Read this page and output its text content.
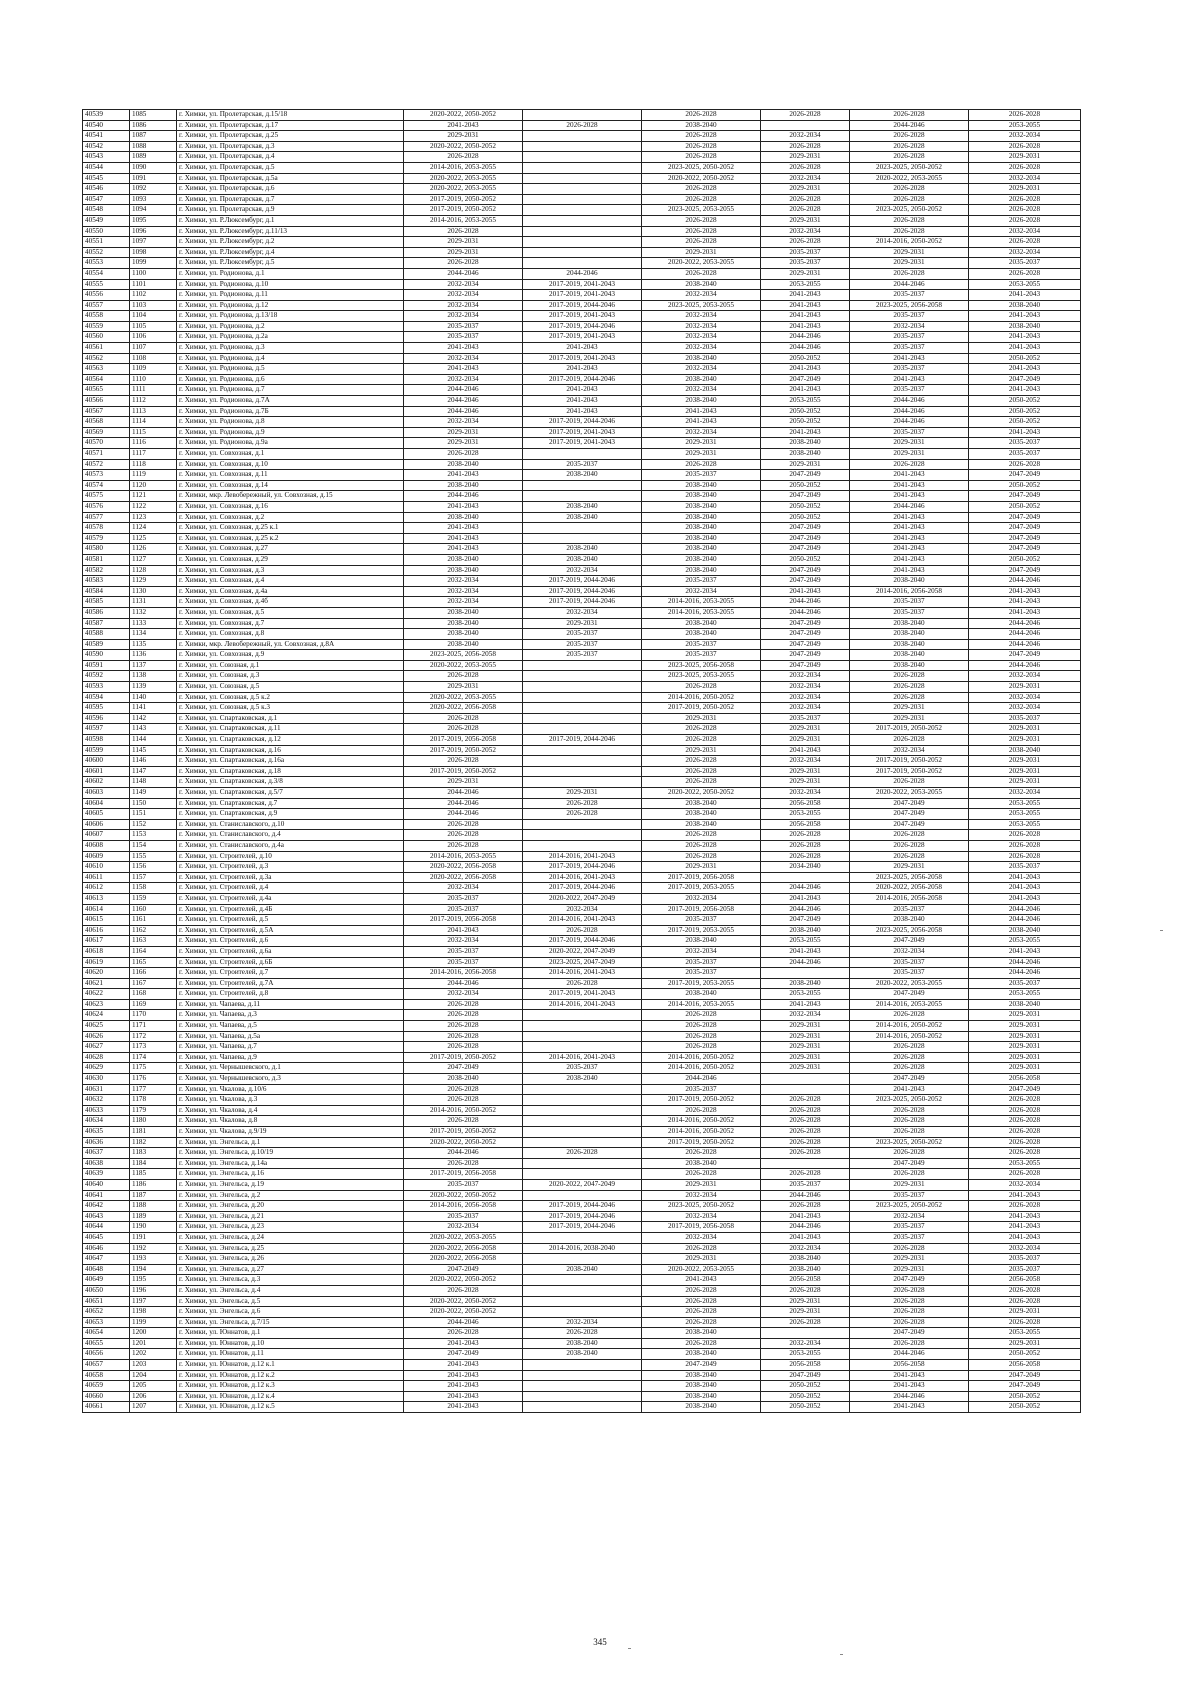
40539	1085	г. Химки, ул. Пролетарская, д.15/18	2020-2022, 2050-2052		2026-2028	2026-2028	2026-2028	2026-2028
40540	1086	г. Химки, ул. Пролетарская, д.17	2041-2043	2026-2028	2038-2040		2044-2046	2053-2055
40541	1087	г. Химки, ул. Пролетарская, д.25	2029-2031		2026-2028	2032-2034	2026-2028	2032-2034
40542	1088	г. Химки, ул. Пролетарская, д.3	2020-2022, 2050-2052		2026-2028	2026-2028	2026-2028	2026-2028
40543	1089	г. Химки, ул. Пролетарская, д.4	2026-2028		2026-2028	2029-2031	2026-2028	2029-2031
40544	1090	г. Химки, ул. Пролетарская, д.5	2014-2016, 2053-2055		2023-2025, 2050-2052	2026-2028	2023-2025, 2050-2052	2026-2028
40545	1091	г. Химки, ул. Пролетарская, д.5а	2020-2022, 2053-2055		2020-2022, 2050-2052	2032-2034	2020-2022, 2053-2055	2032-2034
40546	1092	г. Химки, ул. Пролетарская, д.6	2020-2022, 2053-2055		2026-2028	2029-2031	2026-2028	2029-2031
40547	1093	г. Химки, ул. Пролетарская, д.7	2017-2019, 2050-2052		2026-2028	2026-2028	2026-2028	2026-2028
40548	1094	г. Химки, ул. Пролетарская, д.9	2017-2019, 2050-2052		2023-2025, 2053-2055	2026-2028	2023-2025, 2050-2052	2026-2028
40549	1095	г. Химки, ул. Р.Люксембург, д.1	2014-2016, 2053-2055		2026-2028	2029-2031	2026-2028	2026-2028
40550	1096	г. Химки, ул. Р.Люксембург, д.11/13	2026-2028		2026-2028	2032-2034	2026-2028	2032-2034
40551	1097	г. Химки, ул. Р.Люксембург, д.2	2029-2031		2026-2028	2026-2028	2014-2016, 2050-2052	2026-2028
40552	1098	г. Химки, ул. Р.Люксембург, д.4	2029-2031		2029-2031	2035-2037	2029-2031	2032-2034
40553	1099	г. Химки, ул. Р.Люксембург, д.5	2026-2028		2020-2022, 2053-2055	2035-2037	2029-2031	2035-2037
40554	1100	г. Химки, ул. Родионова, д.1	2044-2046	2044-2046	2026-2028	2029-2031	2026-2028	2026-2028
40555	1101	г. Химки, ул. Родионова, д.10	2032-2034	2017-2019, 2041-2043	2038-2040	2053-2055	2044-2046	2053-2055
40556	1102	г. Химки, ул. Родионова, д.11	2032-2034	2017-2019, 2041-2043	2032-2034	2041-2043	2035-2037	2041-2043
40557	1103	г. Химки, ул. Родионова, д.12	2032-2034	2017-2019, 2044-2046	2023-2025, 2053-2055	2041-2043	2023-2025, 2056-2058	2038-2040
40558	1104	г. Химки, ул. Родионова, д.13/18	2032-2034	2017-2019, 2041-2043	2032-2034	2041-2043	2035-2037	2041-2043
40559	1105	г. Химки, ул. Родионова, д.2	2035-2037	2017-2019, 2044-2046	2032-2034	2041-2043	2032-2034	2038-2040
40560	1106	г. Химки, ул. Родионова, д.2а	2035-2037	2017-2019, 2041-2043	2032-2034	2044-2046	2035-2037	2041-2043
40561	1107	г. Химки, ул. Родионова, д.3	2041-2043	2041-2043	2032-2034	2044-2046	2035-2037	2041-2043
40562	1108	г. Химки, ул. Родионова, д.4	2032-2034	2017-2019, 2041-2043	2038-2040	2050-2052	2041-2043	2050-2052
40563	1109	г. Химки, ул. Родионова, д.5	2041-2043	2041-2043	2032-2034	2041-2043	2035-2037	2041-2043
40564	1110	г. Химки, ул. Родионова, д.6	2032-2034	2017-2019, 2044-2046	2038-2040	2047-2049	2041-2043	2047-2049
40565	1111	г. Химки, ул. Родионова, д.7	2044-2046	2041-2043	2032-2034	2041-2043	2035-2037	2041-2043
40566	1112	г. Химки, ул. Родионова, д.7А	2044-2046	2041-2043	2038-2040	2053-2055	2044-2046	2050-2052
40567	1113	г. Химки, ул. Родионова, д.7Б	2044-2046	2041-2043	2041-2043	2050-2052	2044-2046	2050-2052
40568	1114	г. Химки, ул. Родионова, д.8	2032-2034	2017-2019, 2044-2046	2041-2043	2050-2052	2044-2046	2050-2052
40569	1115	г. Химки, ул. Родионова, д.9	2029-2031	2017-2019, 2041-2043	2032-2034	2041-2043	2035-2037	2041-2043
40570	1116	г. Химки, ул. Родионова, д.9а	2029-2031	2017-2019, 2041-2043	2029-2031	2038-2040	2029-2031	2035-2037
40571	1117	г. Химки, ул. Совхозная, д.1	2026-2028		2029-2031	2038-2040	2029-2031	2035-2037
40572	1118	г. Химки, ул. Совхозная, д.10	2038-2040	2035-2037	2026-2028	2029-2031	2026-2028	2026-2028
40573	1119	г. Химки, ул. Совхозная, д.11	2041-2043	2038-2040	2035-2037	2047-2049	2041-2043	2047-2049
40574	1120	г. Химки, ул. Совхозная, д.14	2038-2040		2038-2040	2050-2052	2041-2043	2050-2052
40575	1121	г. Химки, мкр. Левобережный, ул. Совхозная, д.15	2044-2046		2038-2040	2047-2049	2041-2043	2047-2049
40576	1122	г. Химки, ул. Совхозная, д.16	2041-2043	2038-2040	2038-2040	2050-2052	2044-2046	2050-2052
40577	1123	г. Химки, ул. Совхозная, д.2	2038-2040	2038-2040	2038-2040	2050-2052	2041-2043	2047-2049
40578	1124	г. Химки, ул. Совхозная, д.25 к.1	2041-2043		2038-2040	2047-2049	2041-2043	2047-2049
40579	1125	г. Химки, ул. Совхозная, д.25 к.2	2041-2043		2038-2040	2047-2049	2041-2043	2047-2049
40580	1126	г. Химки, ул. Совхозная, д.27	2041-2043	2038-2040	2038-2040	2047-2049	2041-2043	2047-2049
40581	1127	г. Химки, ул. Совхозная, д.29	2038-2040	2038-2040	2038-2040	2050-2052	2041-2043	2050-2052
40582	1128	г. Химки, ул. Совхозная, д.3	2038-2040	2032-2034	2038-2040	2047-2049	2041-2043	2047-2049
40583	1129	г. Химки, ул. Совхозная, д.4	2032-2034	2017-2019, 2044-2046	2035-2037	2047-2049	2038-2040	2044-2046
40584	1130	г. Химки, ул. Совхозная, д.4а	2032-2034	2017-2019, 2044-2046	2032-2034	2041-2043	2014-2016, 2056-2058	2041-2043
40585	1131	г. Химки, ул. Совхозная, д.4б	2032-2034	2017-2019, 2044-2046	2014-2016, 2053-2055	2044-2046	2035-2037	2041-2043
40586	1132	г. Химки, ул. Совхозная, д.5	2038-2040	2032-2034	2014-2016, 2053-2055	2044-2046	2035-2037	2041-2043
40587	1133	г. Химки, ул. Совхозная, д.7	2038-2040	2029-2031	2038-2040	2047-2049	2038-2040	2044-2046
40588	1134	г. Химки, ул. Совхозная, д.8	2038-2040	2035-2037	2038-2040	2047-2049	2038-2040	2044-2046
40589	1135	г. Химки, мкр. Левобережный, ул. Совхозная, д.8А	2038-2040	2035-2037	2035-2037	2047-2049	2038-2040	2044-2046
40590	1136	г. Химки, ул. Совхозная, д.9	2023-2025, 2056-2058	2035-2037	2035-2037	2047-2049	2038-2040	2047-2049
40591	1137	г. Химки, ул. Союзная, д.1	2020-2022, 2053-2055		2023-2025, 2056-2058	2047-2049	2038-2040	2044-2046
40592	1138	г. Химки, ул. Союзная, д.3	2026-2028		2023-2025, 2053-2055	2032-2034	2026-2028	2032-2034
40593	1139	г. Химки, ул. Союзная, д.5	2029-2031		2026-2028	2032-2034	2026-2028	2029-2031
40594	1140	г. Химки, ул. Союзная, д.5 к.2	2020-2022, 2053-2055		2014-2016, 2050-2052	2032-2034	2026-2028	2032-2034
40595	1141	г. Химки, ул. Союзная, д.5 к.3	2020-2022, 2056-2058		2017-2019, 2050-2052	2032-2034	2029-2031	2032-2034
40596	1142	г. Химки, ул. Спартаковская, д.1	2026-2028		2029-2031	2035-2037	2029-2031	2035-2037
40597	1143	г. Химки, ул. Спартаковская, д.11	2026-2028		2026-2028	2029-2031	2017-2019, 2050-2052	2029-2031
40598	1144	г. Химки, ул. Спартаковская, д.12	2017-2019, 2056-2058	2017-2019, 2044-2046	2026-2028	2029-2031	2026-2028	2029-2031
40599	1145	г. Химки, ул. Спартаковская, д.16	2017-2019, 2050-2052		2029-2031	2041-2043	2032-2034	2038-2040
40600	1146	г. Химки, ул. Спартаковская, д.16а	2026-2028		2026-2028	2032-2034	2017-2019, 2050-2052	2029-2031
40601	1147	г. Химки, ул. Спартаковская, д.18	2017-2019, 2050-2052		2026-2028	2029-2031	2017-2019, 2050-2052	2029-2031
40602	1148	г. Химки, ул. Спартаковская, д.3/8	2029-2031		2026-2028	2029-2031	2026-2028	2029-2031
40603	1149	г. Химки, ул. Спартаковская, д.5/7	2044-2046	2029-2031	2020-2022, 2050-2052	2032-2034	2020-2022, 2053-2055	2032-2034
40604	1150	г. Химки, ул. Спартаковская, д.7	2044-2046	2026-2028	2038-2040	2056-2058	2047-2049	2053-2055
40605	1151	г. Химки, ул. Спартаковская, д.9	2044-2046	2026-2028	2038-2040	2053-2055	2047-2049	2053-2055
40606	1152	г. Химки, ул. Станиславского, д.10	2026-2028		2038-2040	2056-2058	2047-2049	2053-2055
40607	1153	г. Химки, ул. Станиславского, д.4	2026-2028		2026-2028	2026-2028	2026-2028	2026-2028
40608	1154	г. Химки, ул. Станиславского, д.4а	2026-2028		2026-2028	2026-2028	2026-2028	2026-2028
40609	1155	г. Химки, ул. Строителей, д.10	2014-2016, 2053-2055	2014-2016, 2041-2043	2026-2028	2026-2028	2026-2028	2026-2028
40610	1156	г. Химки, ул. Строителей, д.3	2020-2022, 2056-2058	2017-2019, 2044-2046	2029-2031	2034-2040	2029-2031	2035-2037
40611	1157	г. Химки, ул. Строителей, д.3а	2020-2022, 2056-2058	2014-2016, 2041-2043	2017-2019, 2056-2058		2023-2025, 2056-2058	2041-2043
40612	1158	г. Химки, ул. Строителей, д.4	2032-2034	2017-2019, 2044-2046	2017-2019, 2053-2055	2044-2046	2020-2022, 2056-2058	2041-2043
40613	1159	г. Химки, ул. Строителей, д.4а	2035-2037	2020-2022, 2047-2049	2032-2034	2041-2043	2014-2016, 2056-2058	2041-2043
40614	1160	г. Химки, ул. Строителей, д.4Б	2035-2037	2032-2034	2017-2019, 2056-2058	2044-2046	2035-2037	2044-2046
40615	1161	г. Химки, ул. Строителей, д.5	2017-2019, 2056-2058	2014-2016, 2041-2043	2035-2037	2047-2049	2038-2040	2044-2046
40616	1162	г. Химки, ул. Строителей, д.5А	2041-2043	2026-2028	2017-2019, 2053-2055	2038-2040	2023-2025, 2056-2058	2038-2040
40617	1163	г. Химки, ул. Строителей, д.6	2032-2034	2017-2019, 2044-2046	2038-2040	2053-2055	2047-2049	2053-2055
40618	1164	г. Химки, ул. Строителей, д.6а	2035-2037	2020-2022, 2047-2049	2032-2034	2041-2043	2032-2034	2041-2043
40619	1165	г. Химки, ул. Строителей, д.6Б	2035-2037	2023-2025, 2047-2049	2035-2037	2044-2046	2035-2037	2044-2046
40620	1166	г. Химки, ул. Строителей, д.7	2014-2016, 2056-2058	2014-2016, 2041-2043	2035-2037		2035-2037	2044-2046
40621	1167	г. Химки, ул. Строителей, д.7А	2044-2046	2026-2028	2017-2019, 2053-2055	2038-2040	2020-2022, 2053-2055	2035-2037
40622	1168	г. Химки, ул. Строителей, д.8	2032-2034	2017-2019, 2041-2043	2038-2040	2053-2055	2047-2049	2053-2055
40623	1169	г. Химки, ул. Чапаева, д.11	2026-2028	2014-2016, 2041-2043	2014-2016, 2053-2055	2041-2043	2014-2016, 2053-2055	2038-2040
40624	1170	г. Химки, ул. Чапаева, д.3	2026-2028		2026-2028	2032-2034	2026-2028	2029-2031
40625	1171	г. Химки, ул. Чапаева, д.5	2026-2028		2026-2028	2029-2031	2014-2016, 2050-2052	2029-2031
40626	1172	г. Химки, ул. Чапаева, д.5а	2026-2028		2026-2028	2029-2031	2014-2016, 2050-2052	2029-2031
40627	1173	г. Химки, ул. Чапаева, д.7	2026-2028		2026-2028	2029-2031	2026-2028	2029-2031
40628	1174	г. Химки, ул. Чапаева, д.9	2017-2019, 2050-2052	2014-2016, 2041-2043	2014-2016, 2050-2052	2029-2031	2026-2028	2029-2031
40629	1175	г. Химки, ул. Чернышевского, д.1	2047-2049	2035-2037	2014-2016, 2050-2052	2029-2031	2026-2028	2029-2031
40630	1176	г. Химки, ул. Чернышевского, д.3	2038-2040	2038-2040	2044-2046		2047-2049	2056-2058
40631	1177	г. Химки, ул. Чкалова, д.10/6	2026-2028		2035-2037		2041-2043	2047-2049
40632	1178	г. Химки, ул. Чкалова, д.3	2026-2028		2017-2019, 2050-2052	2026-2028	2023-2025, 2050-2052	2026-2028
40633	1179	г. Химки, ул. Чкалова, д.4	2014-2016, 2050-2052		2026-2028	2026-2028	2026-2028	2026-2028
40634	1180	г. Химки, ул. Чкалова, д.8	2026-2028		2014-2016, 2050-2052	2026-2028	2026-2028	2026-2028
40635	1181	г. Химки, ул. Чкалова, д.9/19	2017-2019, 2050-2052		2014-2016, 2050-2052	2026-2028	2026-2028	2026-2028
40636	1182	г. Химки, ул. Энгельса, д.1	2020-2022, 2050-2052		2017-2019, 2050-2052	2026-2028	2023-2025, 2050-2052	2026-2028
40637	1183	г. Химки, ул. Энгельса, д.10/19	2044-2046	2026-2028	2026-2028	2026-2028	2026-2028	2026-2028
40638	1184	г. Химки, ул. Энгельса, д.14а	2026-2028		2038-2040		2047-2049	2053-2055
40639	1185	г. Химки, ул. Энгельса, д.16	2017-2019, 2056-2058		2026-2028	2026-2028	2026-2028	2026-2028
40640	1186	г. Химки, ул. Энгельса, д.19	2035-2037	2020-2022, 2047-2049	2029-2031	2035-2037	2029-2031	2032-2034
40641	1187	г. Химки, ул. Энгельса, д.2	2020-2022, 2050-2052		2032-2034	2044-2046	2035-2037	2041-2043
40642	1188	г. Химки, ул. Энгельса, д.20	2014-2016, 2056-2058	2017-2019, 2044-2046	2023-2025, 2050-2052	2026-2028	2023-2025, 2050-2052	2026-2028
40643	1189	г. Химки, ул. Энгельса, д.21	2035-2037	2017-2019, 2044-2046	2032-2034	2041-2043	2032-2034	2041-2043
40644	1190	г. Химки, ул. Энгельса, д.23	2032-2034	2017-2019, 2044-2046	2017-2019, 2056-2058	2044-2046	2035-2037	2041-2043
40645	1191	г. Химки, ул. Энгельса, д.24	2020-2022, 2053-2055		2032-2034	2041-2043	2035-2037	2041-2043
40646	1192	г. Химки, ул. Энгельса, д.25	2020-2022, 2056-2058	2014-2016, 2038-2040	2026-2028	2032-2034	2026-2028	2032-2034
40647	1193	г. Химки, ул. Энгельса, д.26	2020-2022, 2056-2058		2029-2031	2038-2040	2029-2031	2035-2037
40648	1194	г. Химки, ул. Энгельса, д.27	2047-2049	2038-2040	2020-2022, 2053-2055	2038-2040	2029-2031	2035-2037
40649	1195	г. Химки, ул. Энгельса, д.3	2020-2022, 2050-2052		2041-2043	2056-2058	2047-2049	2056-2058
40650	1196	г. Химки, ул. Энгельса, д.4	2026-2028		2026-2028	2026-2028	2026-2028	2026-2028
40651	1197	г. Химки, ул. Энгельса, д.5	2020-2022, 2050-2052		2026-2028	2029-2031	2026-2028	2026-2028
40652	1198	г. Химки, ул. Энгельса, д.6	2020-2022, 2050-2052		2026-2028	2029-2031	2026-2028	2029-2031
40653	1199	г. Химки, ул. Энгельса, д.7/15	2044-2046	2032-2034	2026-2028	2026-2028	2026-2028	2026-2028
40654	1200	г. Химки, ул. Юннатов, д.1	2026-2028	2026-2028	2038-2040		2047-2049	2053-2055
40655	1201	г. Химки, ул. Юннатов, д.10	2041-2043	2038-2040	2026-2028	2032-2034	2026-2028	2029-2031
40656	1202	г. Химки, ул. Юннатов, д.11	2047-2049	2038-2040	2038-2040	2053-2055	2044-2046	2050-2052
40657	1203	г. Химки, ул. Юннатов, д.12 к.1	2041-2043		2047-2049	2056-2058	2056-2058	2056-2058
40658	1204	г. Химки, ул. Юннатов, д.12 к.2	2041-2043		2038-2040	2047-2049	2041-2043	2047-2049
40659	1205	г. Химки, ул. Юннатов, д.12 к.3	2041-2043		2038-2040	2050-2052	2041-2043	2047-2049
40660	1206	г. Химки, ул. Юннатов, д.12 к.4	2041-2043		2038-2040	2050-2052	2044-2046	2050-2052
40661	1207	г. Химки, ул. Юннатов, д.12 к.5	2041-2043		2038-2040	2050-2052	2041-2043	2050-2052
345
